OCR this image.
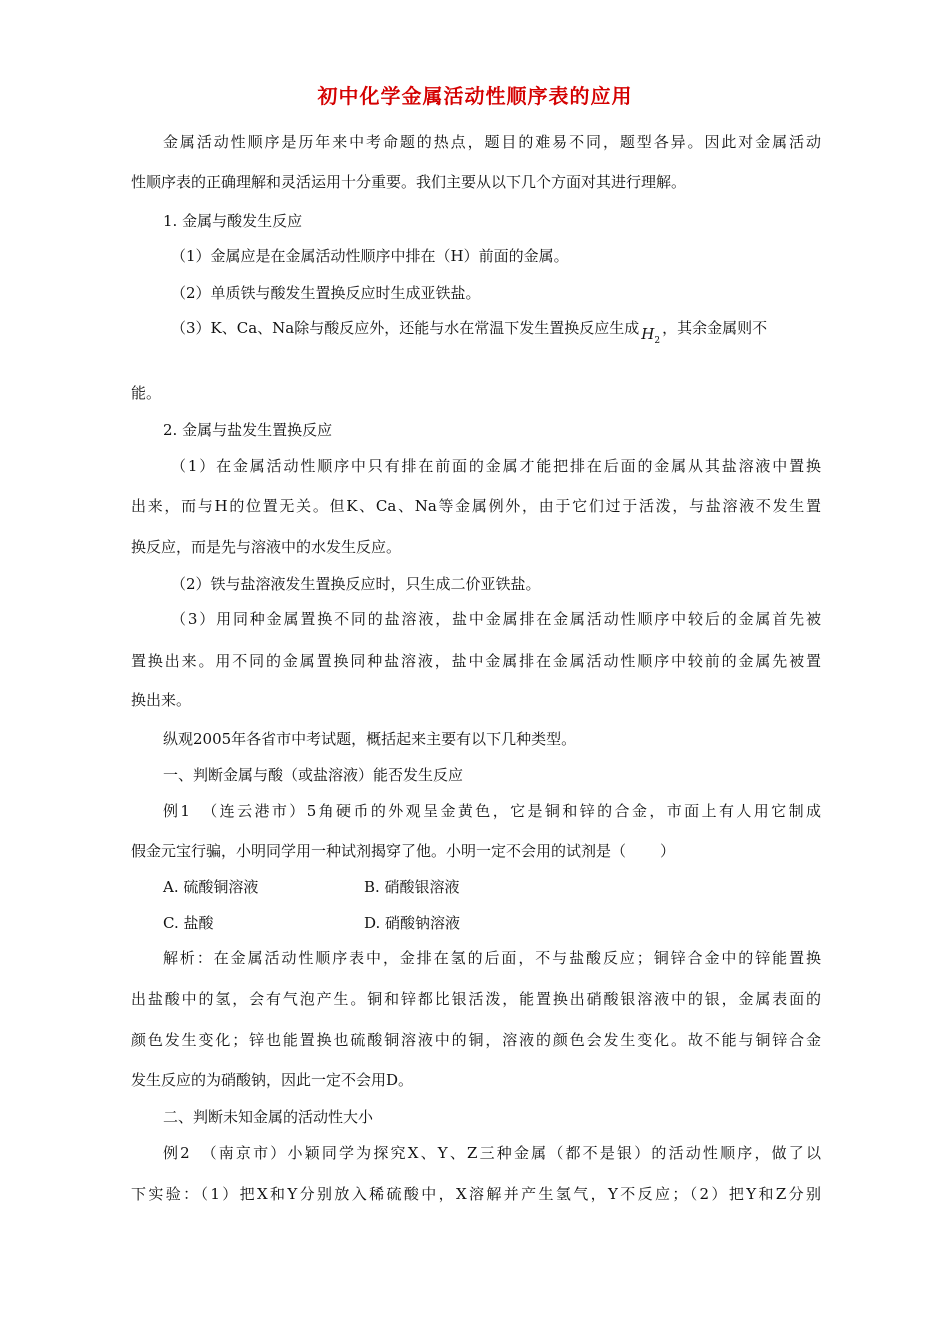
初中化学金属活动性顺序表的应用

金属活动性顺序是历年来中考命题的热点，题目的难易不同，题型各异。因此对金属活动

性顺序表的正确理解和灵活运用十分重要。我们主要从以下几个方面对其进行理解。

1. 金属与酸发生反应

（1）金属应是在金属活动性顺序中排在（H）前面的金属。

（2）单质铁与酸发生置换反应时生成亚铁盐。

（3）K、Ca、Na除与酸反应外，还能与水在常温下发生置换反应生成 $H_2$，其余金属则不

能。

2. 金属与盐发生置换反应

（1）在金属活动性顺序中只有排在前面的金属才能把排在后面的金属从其盐溶液中置换

出来，而与H的位置无关。但K、Ca、Na等金属例外，由于它们过于活泼，与盐溶液不发生置

换反应，而是先与溶液中的水发生反应。

（2）铁与盐溶液发生置换反应时，只生成二价亚铁盐。

（3）用同种金属置换不同的盐溶液，盐中金属排在金属活动性顺序中较后的金属首先被

置换出来。用不同的金属置换同种盐溶液，盐中金属排在金属活动性顺序中较前的金属先被置

换出来。

纵观2005年各省市中考试题，概括起来主要有以下几种类型。

一、判断金属与酸（或盐溶液）能否发生反应

例1　（连云港市）5角硬币的外观呈金黄色，它是铜和锌的合金，市面上有人用它制成

假金元宝行骗，小明同学用一种试剂揭穿了他。小明一定不会用的试剂是（ ）

A. 硫酸铜溶液	B. 硝酸银溶液
C. 盐酸	D. 硝酸钠溶液

解析：在金属活动性顺序表中，金排在氢的后面，不与盐酸反应；铜锌合金中的锌能置换

出盐酸中的氢，会有气泡产生。铜和锌都比银活泼，能置换出硝酸银溶液中的银，金属表面的

颜色发生变化；锌也能置换也硫酸铜溶液中的铜，溶液的颜色会发生变化。故不能与铜锌合金

发生反应的为硝酸钠，因此一定不会用D。

二、判断未知金属的活动性大小

例2　（南京市）小颖同学为探究X、Y、Z三种金属（都不是银）的活动性顺序，做了以

下实验：（1）把X和Y分别放入稀硫酸中，X溶解并产生氢气，Y不反应；（2）把Y和Z分别
